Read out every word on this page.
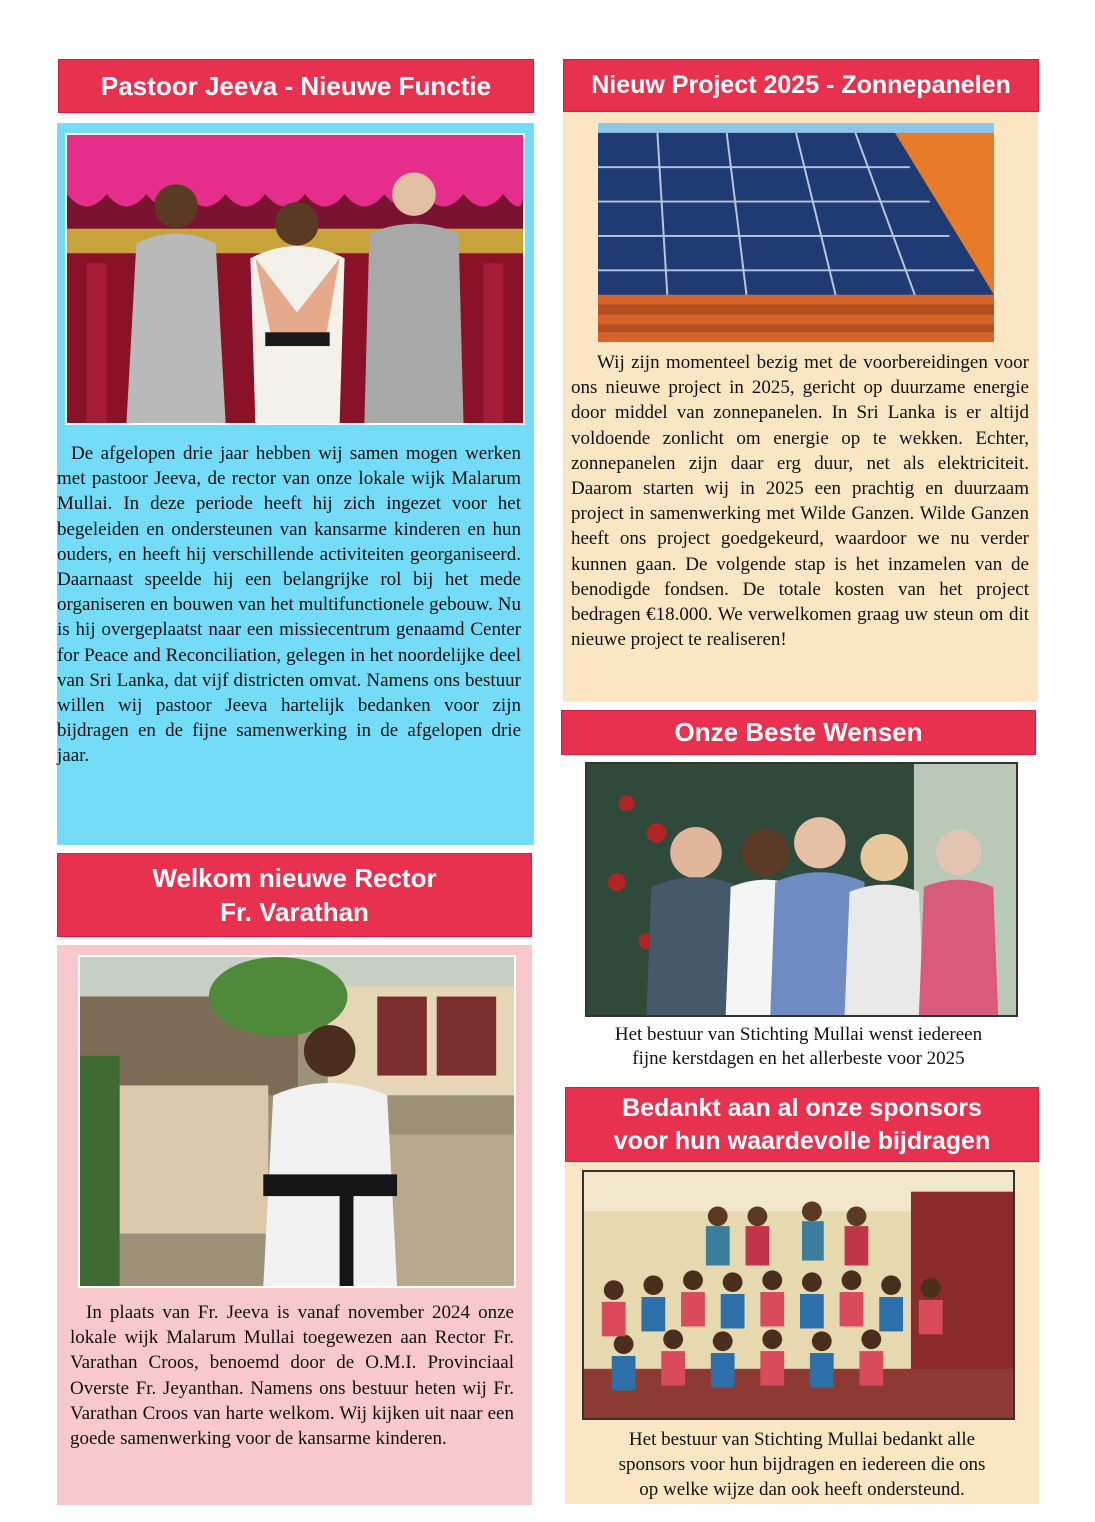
Pastoor Jeeva - Nieuwe Functie

De afgelopen drie jaar hebben wij samen mogen werken met pastoor Jeeva, de rector van onze lokale wijk Malarum Mullai. In deze periode heeft hij zich ingezet voor het begeleiden en ondersteunen van kansarme kinderen en hun ouders, en heeft hij verschillende activiteiten georganiseerd. Daarnaast speelde hij een belangrijke rol bij het mede organiseren en bouwen van het multifunctionele gebouw. Nu is hij overgeplaatst naar een missiecentrum genaamd Center for Peace and Reconciliation, gelegen in het noordelijke deel van Sri Lanka, dat vijf districten omvat. Namens ons bestuur willen wij pastoor Jeeva hartelijk bedanken voor zijn bijdragen en de fijne samenwerking in de afgelopen drie jaar.

Welkom nieuwe Rector
Fr. Varathan

In plaats van Fr. Jeeva is vanaf november 2024 onze lokale wijk Malarum Mullai toegewezen aan Rector Fr. Varathan Croos, benoemd door de O.M.I. Provinciaal Overste Fr. Jeyanthan. Namens ons bestuur heten wij Fr. Varathan Croos van harte welkom. Wij kijken uit naar een goede samenwerking voor de kansarme kinderen.

Nieuw Project 2025 - Zonnepanelen

Wij zijn momenteel bezig met de voorbereidingen voor ons nieuwe project in 2025, gericht op duurzame energie door middel van zonnepanelen. In Sri Lanka is er altijd voldoende zonlicht om energie op te wekken. Echter, zonnepanelen zijn daar erg duur, net als elektriciteit. Daarom starten wij in 2025 een prachtig en duurzaam project in samenwerking met Wilde Ganzen. Wilde Ganzen heeft ons project goedgekeurd, waardoor we nu verder kunnen gaan. De volgende stap is het inzamelen van de benodigde fondsen. De totale kosten van het project bedragen €18.000. We verwelkomen graag uw steun om dit nieuwe project te realiseren!

Onze Beste Wensen
Het bestuur van Stichting Mullai wenst iedereen
fijne kerstdagen en het allerbeste voor 2025
Bedankt aan al onze sponsors
voor hun waardevolle bijdragen
Het bestuur van Stichting Mullai bedankt alle
sponsors voor hun bijdragen en iedereen die ons
op welke wijze dan ook heeft ondersteund.
